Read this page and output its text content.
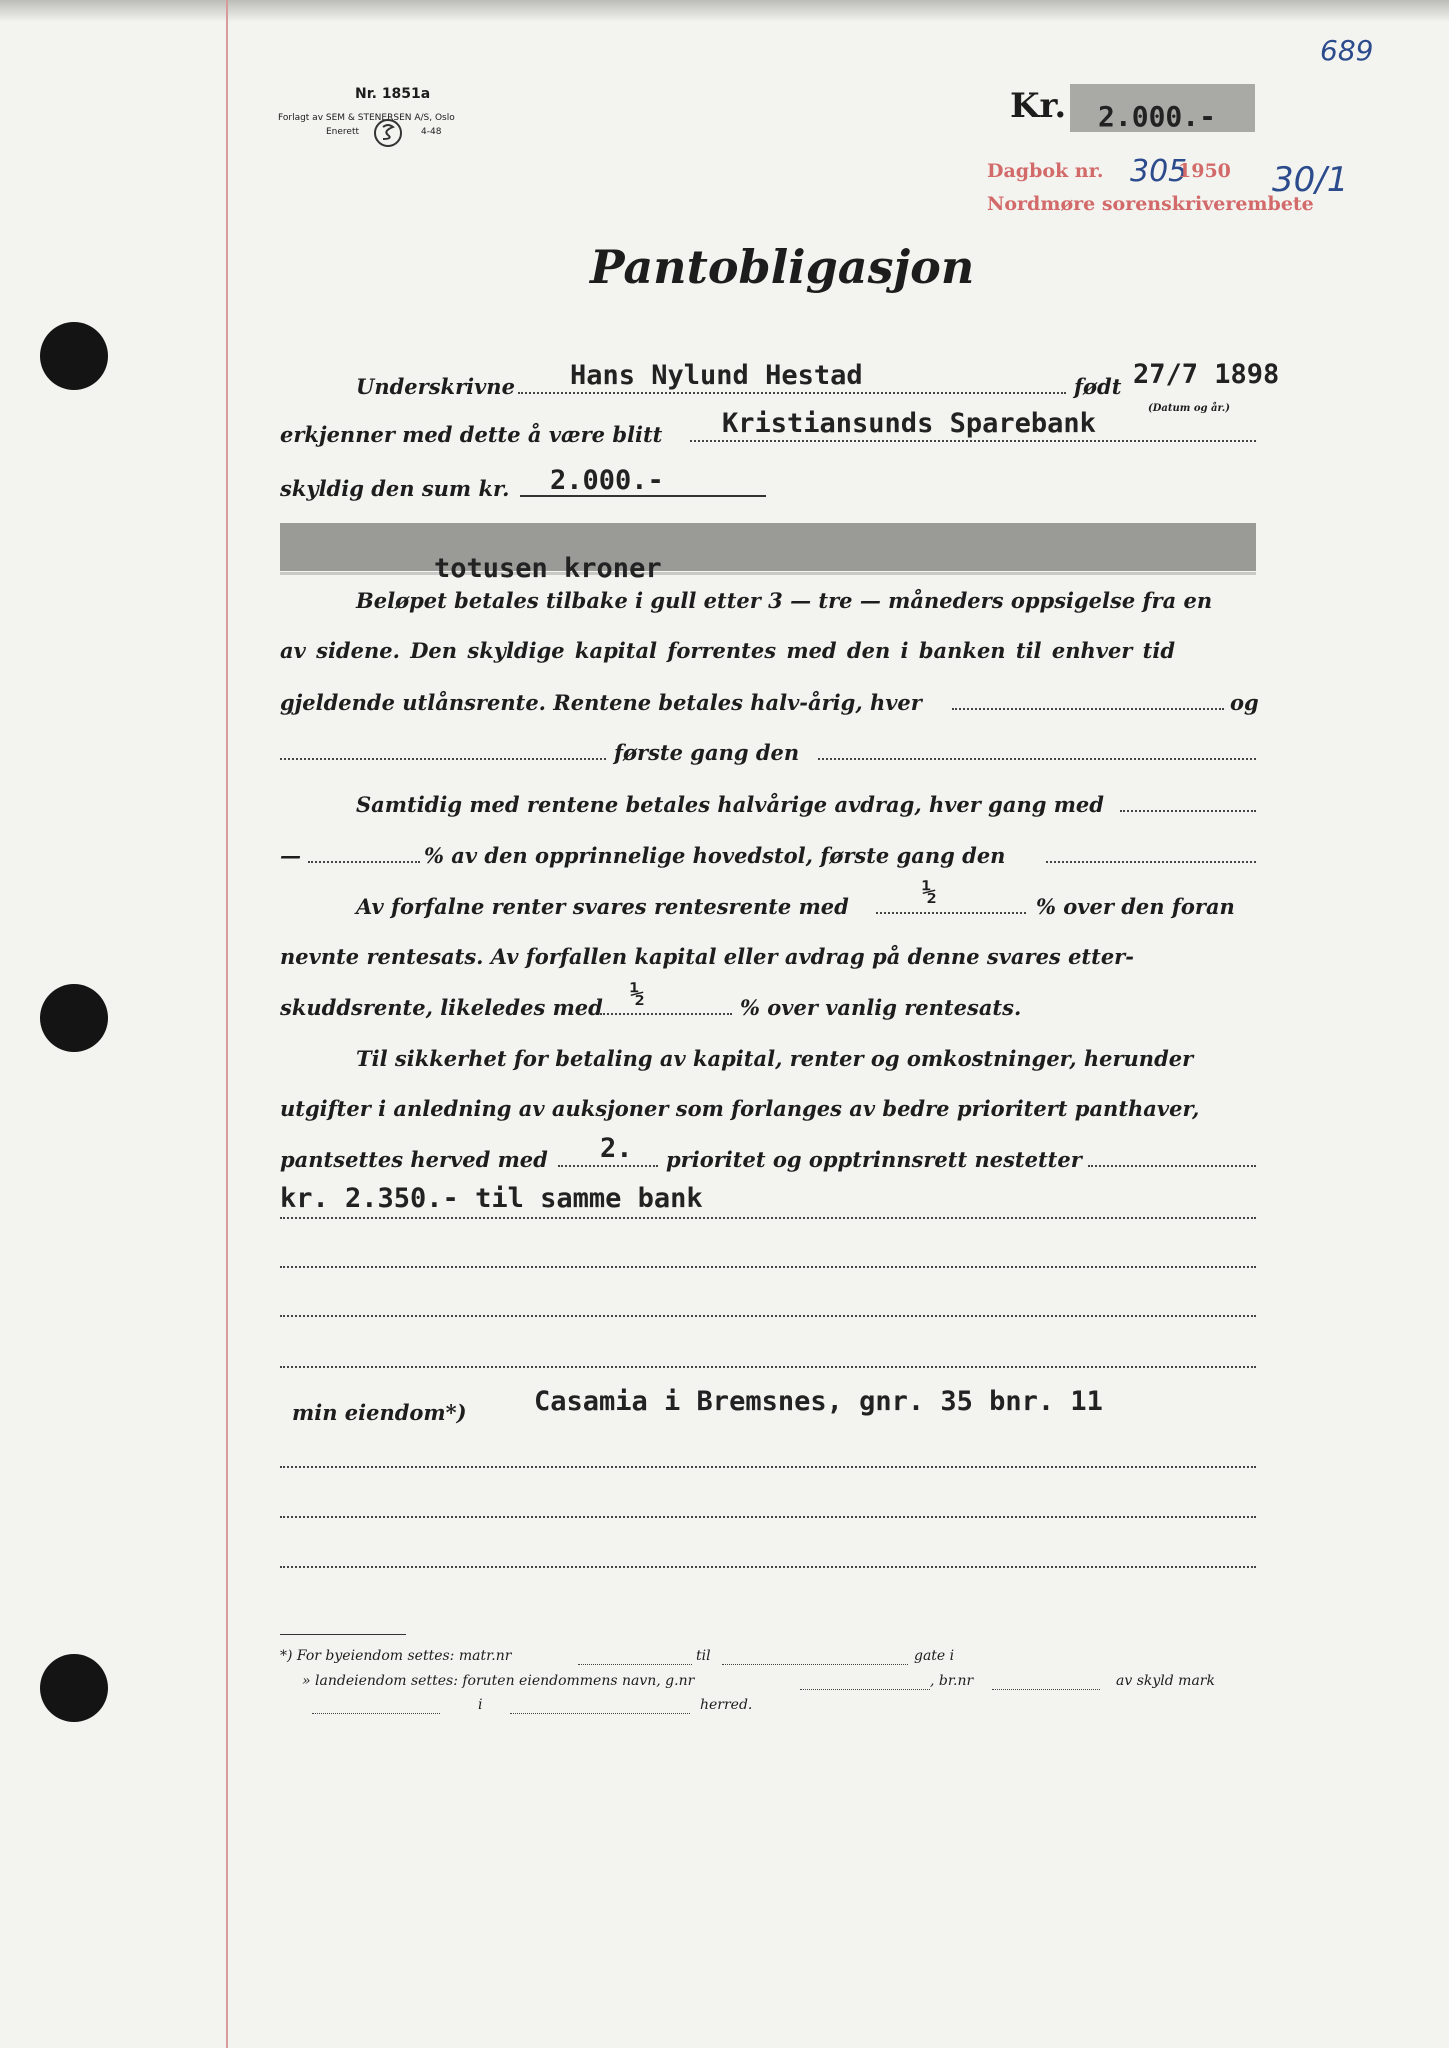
Nr. 1851a
Forlagt av SEM & STENERSEN A/S, Oslo
Enerett	4-48
Kr. 2.000.-
689
Dagbok nr. 305
1950 30/1
Nordmøre sorenskriverembete
Pantobligasjon
Underskrivne Hans Nylund Hestad	født 27/7 1898
(Datum og år.)
erkjenner med dette å være blitt Kristiansunds Sparebank
skyldig den sum kr. 2.000.-
totusen kroner
Beløpet betales tilbake i gull etter 3 — tre — måneders oppsigelse fra en
av sidene. Den skyldige kapital forrentes med den i banken til enhver tid
gjeldende utlånsrente. Rentene betales halv-årig, hver	og
første gang den
Samtidig med rentene betales halvårige avdrag, hver gang med
—	% av den opprinnelige hovedstol, første gang den
Av forfalne renter svares rentesrente med
½
% over den foran
nevnte rentesats. Av forfallen kapital eller avdrag på denne svares etter-
skuddsrente, likeledes med ½	% over vanlig rentesats.
Til sikkerhet for betaling av kapital, renter og omkostninger, herunder
utgifter i anledning av auksjoner som forlanges av bedre prioritert panthaver,
pantsettes herved med 2. prioritet og opptrinnsrett nestetter
kr. 2.350.- til samme bank
min eiendom*) Casamia i Bremsnes, gnr. 35 bnr. 11
*) For byeiendom settes: matr.nr	til	gate i
» landeiendom settes: foruten eiendommens navn, g.nr	, br.nr	av skyld mark
i	herred.
